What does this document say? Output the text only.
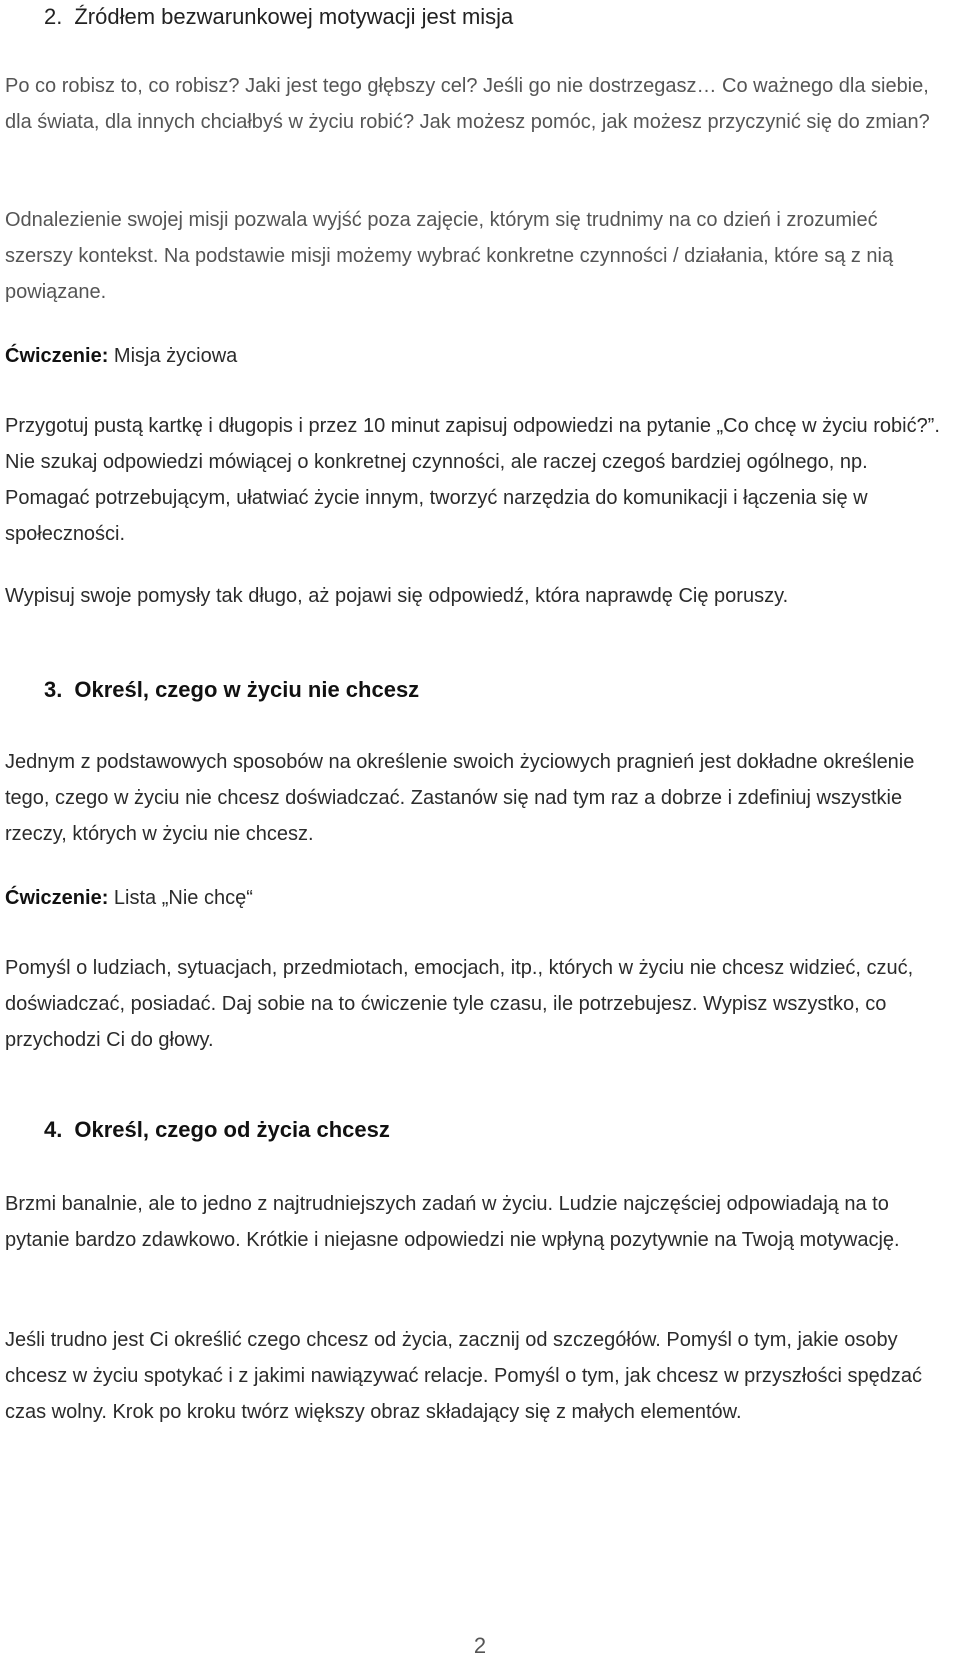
2. Źródłem bezwarunkowej motywacji jest misja

Po co robisz to, co robisz? Jaki jest tego głębszy cel? Jeśli go nie dostrzegasz… Co ważnego dla siebie, dla świata, dla innych chciałbyś w życiu robić? Jak możesz pomóc, jak możesz przyczynić się do zmian?

Odnalezienie swojej misji pozwala wyjść poza zajęcie, którym się trudnimy na co dzień i zrozumieć szerszy kontekst. Na podstawie misji możemy wybrać konkretne czynności / działania, które są z nią powiązane.

Ćwiczenie: Misja życiowa

Przygotuj pustą kartkę i długopis i przez 10 minut zapisuj odpowiedzi na pytanie „Co chcę w życiu robić?”. Nie szukaj odpowiedzi mówiącej o konkretnej czynności, ale raczej czegoś bardziej ogólnego, np. Pomagać potrzebującym, ułatwiać życie innym, tworzyć narzędzia do komunikacji i łączenia się w społeczności.

Wypisuj swoje pomysły tak długo, aż pojawi się odpowiedź, która naprawdę Cię poruszy.

3. Określ, czego w życiu nie chcesz

Jednym z podstawowych sposobów na określenie swoich życiowych pragnień jest dokładne określenie tego, czego w życiu nie chcesz doświadczać. Zastanów się nad tym raz a dobrze i zdefiniuj wszystkie rzeczy, których w życiu nie chcesz.

Ćwiczenie: Lista „Nie chcę“

Pomyśl o ludziach, sytuacjach, przedmiotach, emocjach, itp., których w życiu nie chcesz widzieć, czuć, doświadczać, posiadać. Daj sobie na to ćwiczenie tyle czasu, ile potrzebujesz. Wypisz wszystko, co przychodzi Ci do głowy.

4. Określ, czego od życia chcesz

Brzmi banalnie, ale to jedno z najtrudniejszych zadań w życiu. Ludzie najczęściej odpowiadają na to pytanie bardzo zdawkowo. Krótkie i niejasne odpowiedzi nie wpłyną pozytywnie na Twoją motywację.

Jeśli trudno jest Ci określić czego chcesz od życia, zacznij od szczegółów. Pomyśl o tym, jakie osoby chcesz w życiu spotykać i z jakimi nawiązywać relacje. Pomyśl o tym, jak chcesz w przyszłości spędzać czas wolny. Krok po kroku twórz większy obraz składający się z małych elementów.

2
